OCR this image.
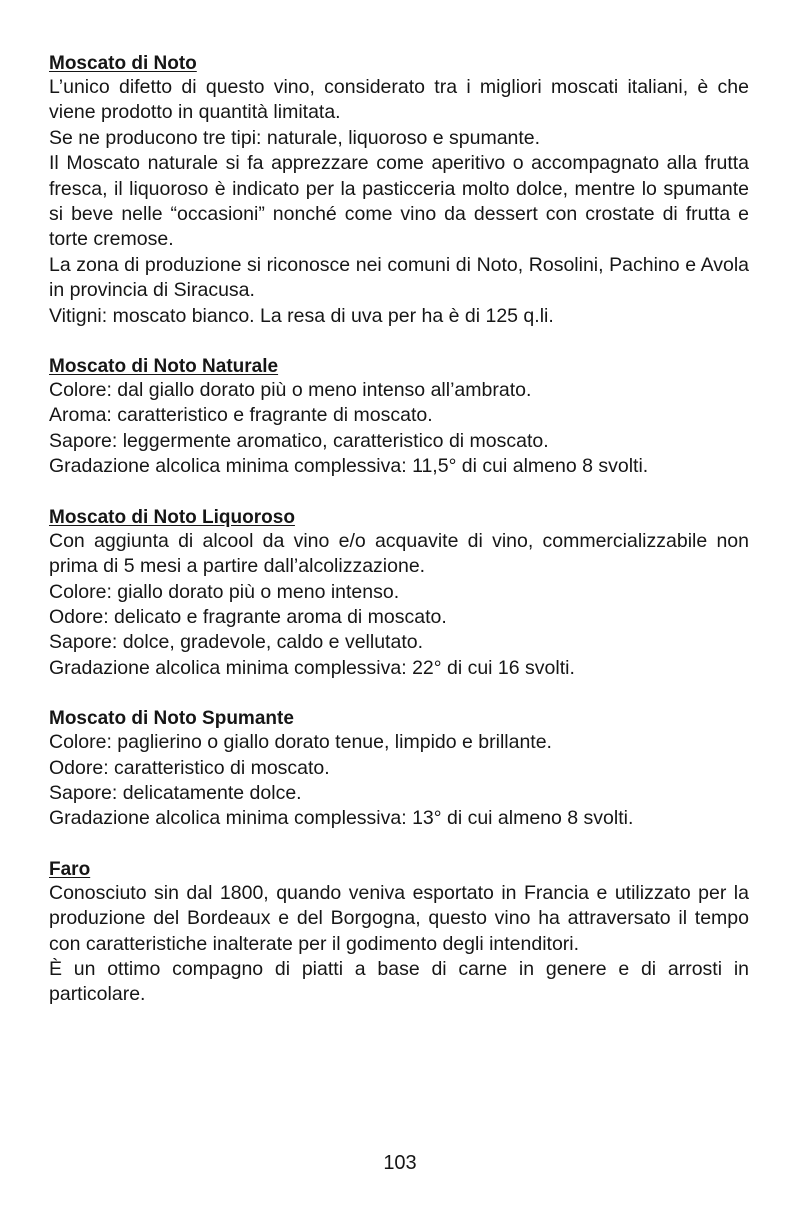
Moscato di Noto

L’unico difetto di questo vino, considerato tra i migliori moscati italiani, è che viene prodotto in quantità limitata.

Se ne producono tre tipi: naturale, liquoroso e spumante.

Il Moscato naturale si fa apprezzare come aperitivo o accompagnato alla frutta fresca, il liquoroso è indicato per la pasticceria molto dolce, mentre lo spumante si beve nelle “occasioni” nonché come vino da dessert con crostate di frutta e torte cremose.

La zona di produzione si riconosce nei comuni di Noto, Rosolini, Pachino e Avola in provincia di Siracusa.

Vitigni: moscato bianco. La resa di uva per ha è di 125 q.li.

Moscato di Noto Naturale

Colore: dal giallo dorato più o meno intenso all’ambrato.

Aroma: caratteristico e fragrante di moscato.

Sapore: leggermente aromatico, caratteristico di moscato.

Gradazione alcolica minima complessiva: 11,5° di cui almeno 8 svolti.

Moscato di Noto Liquoroso

Con aggiunta di alcool da vino e/o acquavite di vino, commercializzabile non prima di 5 mesi a partire dall’alcolizzazione.

Colore: giallo dorato più o meno intenso.

Odore: delicato e fragrante aroma di moscato.

Sapore: dolce, gradevole, caldo e vellutato.

Gradazione alcolica minima complessiva: 22° di cui 16 svolti.

Moscato di Noto Spumante

Colore: paglierino o giallo dorato tenue, limpido e brillante.

Odore: caratteristico di moscato.

Sapore: delicatamente dolce.

Gradazione alcolica minima complessiva: 13° di cui almeno 8 svolti.

Faro

Conosciuto sin dal 1800, quando veniva esportato in Francia e utilizzato per la produzione del Bordeaux e del Borgogna, questo vino ha attraversato il tempo con caratteristiche inalterate per il godimento degli intenditori.

È un ottimo compagno di piatti a base di carne in genere e di arrosti in particolare.

103
